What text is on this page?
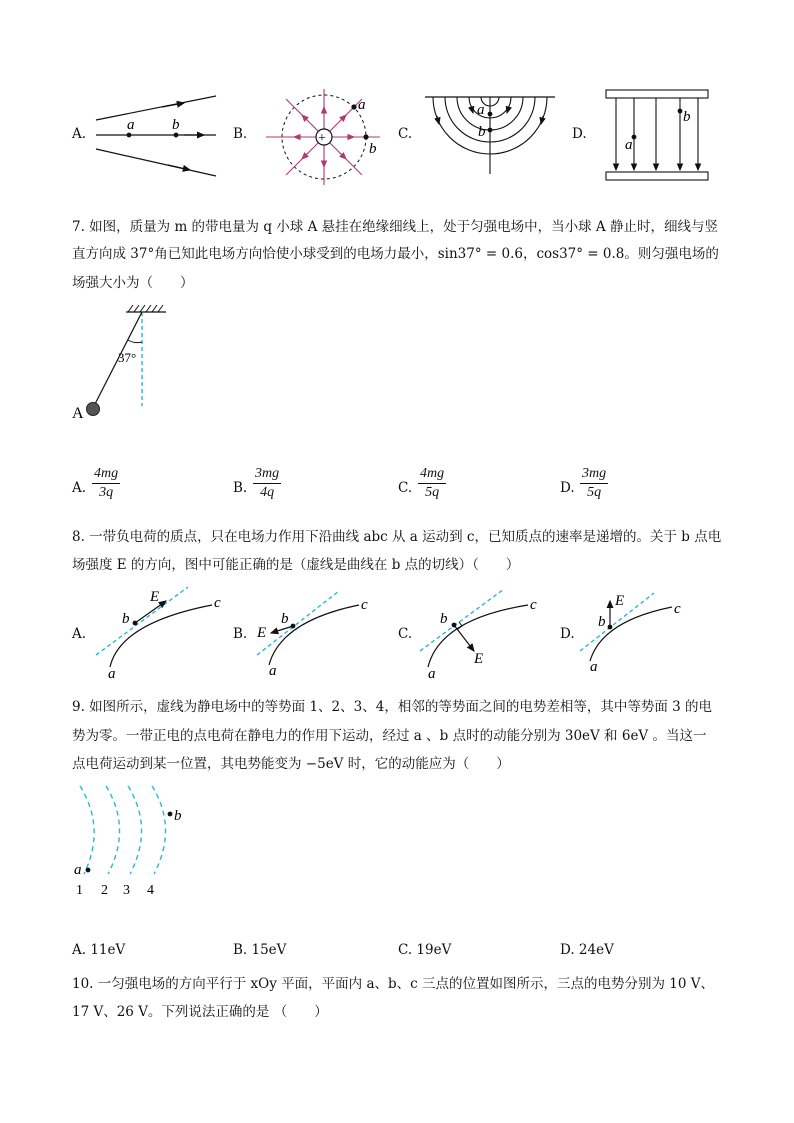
A.
a	b
B.	+
a
b
C.
a
b	D.
a
b
7. 如图，质量为 m 的带电量为 q 小球 A 悬挂在绝缘细线上，处于匀强电场中，当小球 A 静止时，细线与竖
直方向成 37°角已知此电场方向恰使小球受到的电场力最小，sin37° = 0.6，cos37° = 0.8。则匀强电场的
场强大小为（　　）
37°
A
A. $\frac{4mg}{3q}$	B. $\frac{3mg}{4q}$	C. $\frac{4mg}{5q}$	D. $\frac{3mg}{5q}$
8. 一带负电荷的质点，只在电场力作用下沿曲线 abc 从 a 运动到 c，已知质点的速率是递增的。关于 b 点电
场强度 E 的方向，图中可能正确的是（虚线是曲线在 b 点的切线）（　　）
A.
b
E	c
a
B.
b
E
c
a
C.
b
E
c
a
D.
b
E	c
a
9. 如图所示，虚线为静电场中的等势面 1、2、3、4，相邻的等势面之间的电势差相等，其中等势面 3 的电
势为零。一带正电的点电荷在静电力的作用下运动，经过 a 、b 点时的动能分别为 30eV 和 6eV 。当这一
点电荷运动到某一位置，其电势能变为 −5eV 时，它的动能应为（　　）
a
b
1 2 3 4
A. 11eV	B. 15eV	C. 19eV	D. 24eV
10. 一匀强电场的方向平行于 xOy 平面，平面内 a、b、c 三点的位置如图所示，三点的电势分别为 10 V、
17 V、26 V。下列说法正确的是 （　　）
